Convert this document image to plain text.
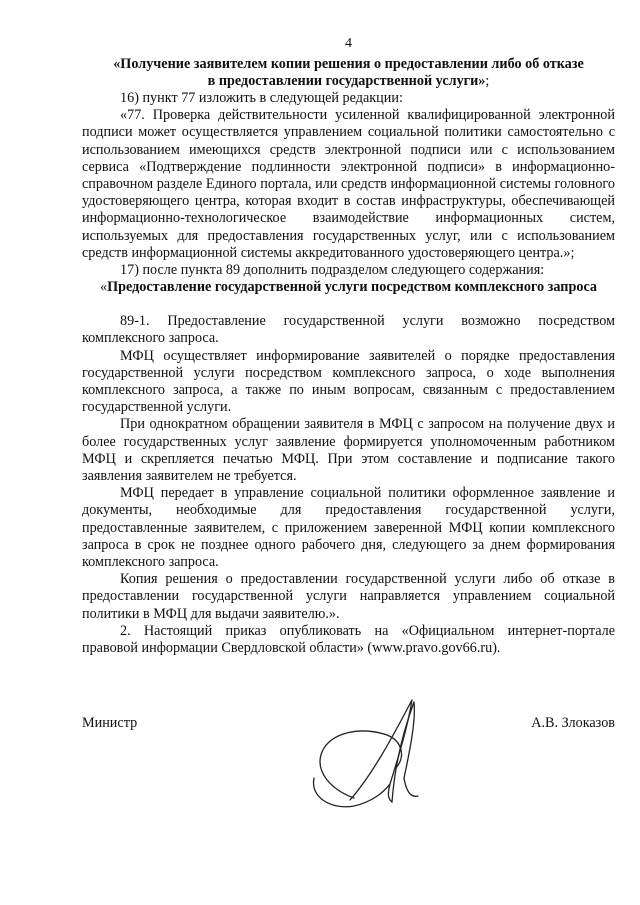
4
«Получение заявителем копии решения о предоставлении либо об отказе
в предоставлении государственной услуги»;

16) пункт 77 изложить в следующей редакции:

«77. Проверка действительности усиленной квалифицированной электронной подписи может осуществляется управлением социальной политики самостоятельно с использованием имеющихся средств электронной подписи или с использованием сервиса «Подтверждение подлинности электронной подписи» в информационно-справочном разделе Единого портала, или средств информационной системы головного удостоверяющего центра, которая входит в состав инфраструктуры, обеспечивающей информационно-технологическое взаимодействие информационных систем, используемых для предоставления государственных услуг, или с использованием средств информационной системы аккредитованного удостоверяющего центра.»;

17) после пункта 89 дополнить подразделом следующего содержания:

«Предоставление государственной услуги посредством комплексного запроса

89-1. Предоставление государственной услуги возможно посредством комплексного запроса.

МФЦ осуществляет информирование заявителей о порядке предоставления государственной услуги посредством комплексного запроса, о ходе выполнения комплексного запроса, а также по иным вопросам, связанным с предоставлением государственной услуги.

При однократном обращении заявителя в МФЦ с запросом на получение двух и более государственных услуг заявление формируется уполномоченным работником МФЦ и скрепляется печатью МФЦ. При этом составление и подписание такого заявления заявителем не требуется.

МФЦ передает в управление социальной политики оформленное заявление и документы, необходимые для предоставления государственной услуги, предоставленные заявителем, с приложением заверенной МФЦ копии комплексного запроса в срок не позднее одного рабочего дня, следующего за днем формирования комплексного запроса.

Копия решения о предоставлении государственной услуги либо об отказе в предоставлении государственной услуги направляется управлением социальной политики в МФЦ для выдачи заявителю.».

2. Настоящий приказ опубликовать на «Официальном интернет-портале правовой информации Свердловской области» (www.pravo.gov66.ru).

Министр	А.В. Злоказов
